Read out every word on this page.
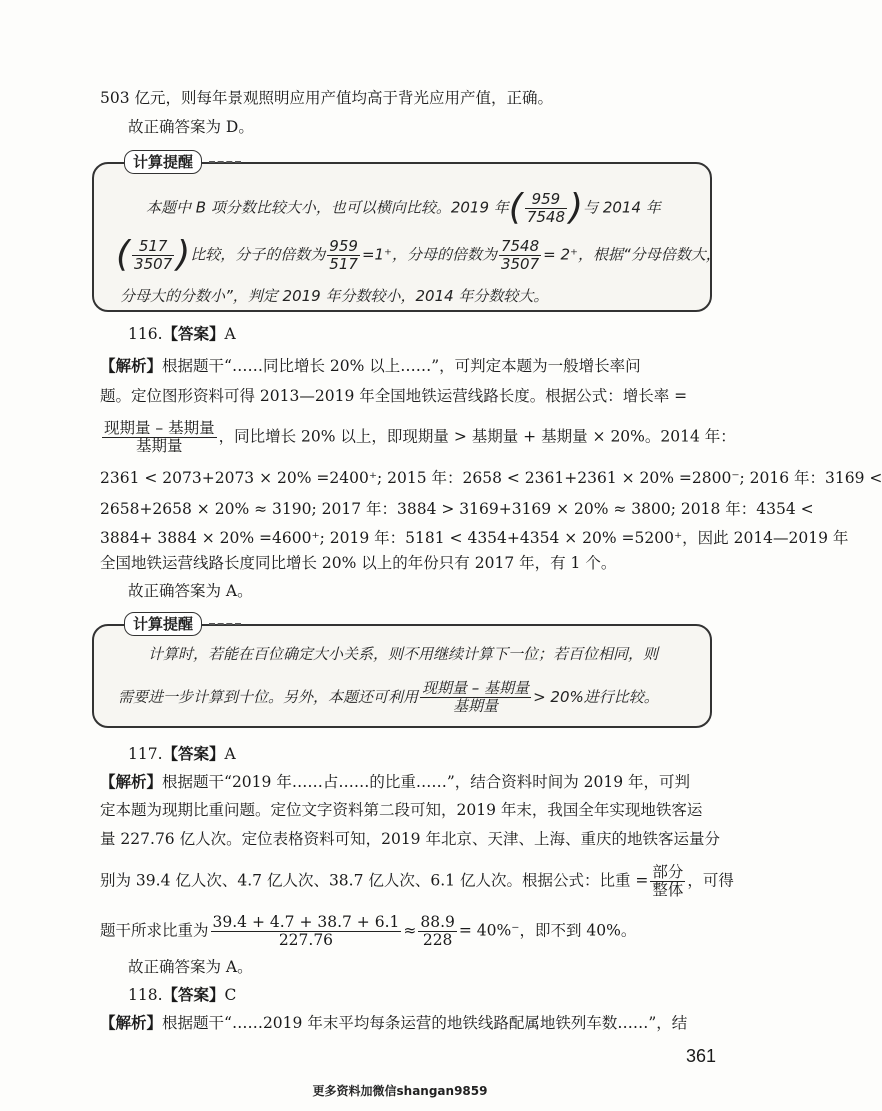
503 亿元，则每年景观照明应用产值均高于背光应用产值，正确。
故正确答案为 D。
计算提醒
本题中 B 项分数比较大小，也可以横向比较。2019 年( $\frac{959}{7548}$ )与 2014 年
( $\frac{517}{3507}$ )比较，分子的倍数为 $\frac{959}{517} =1^+$，分母的倍数为 $\frac{7548}{3507} = 2^+$，根据“分母倍数大，
分母大的分数小”，判定 2019 年分数较小，2014 年分数较大。
116.【答案】A
【解析】根据题干“……同比增长 20% 以上……”，可判定本题为一般增长率问
题。定位图形资料可得 2013—2019 年全国地铁运营线路长度。根据公式：增长率 =
$\frac{\text{现期量 – 基期量}}{\text{基期量}}$ ，同比增长 20% 以上，即现期量 > 基期量 + 基期量 × 20%。2014 年：
2361 < 2073+2073 × 20% =2400⁺; 2015 年：2658 < 2361+2361 × 20% =2800⁻; 2016 年：3169 <
2658+2658 × 20% ≈ 3190; 2017 年：3884 > 3169+3169 × 20% ≈ 3800; 2018 年：4354 <
3884+ 3884 × 20% =4600⁺; 2019 年：5181 < 4354+4354 × 20% =5200⁺，因此 2014—2019 年
全国地铁运营线路长度同比增长 20% 以上的年份只有 2017 年，有 1 个。
故正确答案为 A。
计算提醒
计算时，若能在百位确定大小关系，则不用继续计算下一位；若百位相同，则
需要进一步计算到十位。另外，本题还可利用 $\frac{\text{现期量 – 基期量}}{\text{基期量}} > 20\%$进行比较。
117.【答案】A
【解析】根据题干“2019 年……占……的比重……”，结合资料时间为 2019 年，可判
定本题为现期比重问题。定位文字资料第二段可知，2019 年末，我国全年实现地铁客运
量 227.76 亿人次。定位表格资料可知，2019 年北京、天津、上海、重庆的地铁客运量分
别为 39.4 亿人次、4.7 亿人次、38.7 亿人次、6.1 亿人次。根据公式：比重 = $\frac{\text{部分}}{\text{整体}}$ ，可得
题干所求比重为 $\frac{39.4 + 4.7 + 38.7 + 6.1}{227.76} \approx \frac{88.9}{228} = 40\%^-$，即不到 40%。
故正确答案为 A。
118.【答案】C
【解析】根据题干“……2019 年末平均每条运营的地铁线路配属地铁列车数……”，结
361
更多资料加微信shangan9859
